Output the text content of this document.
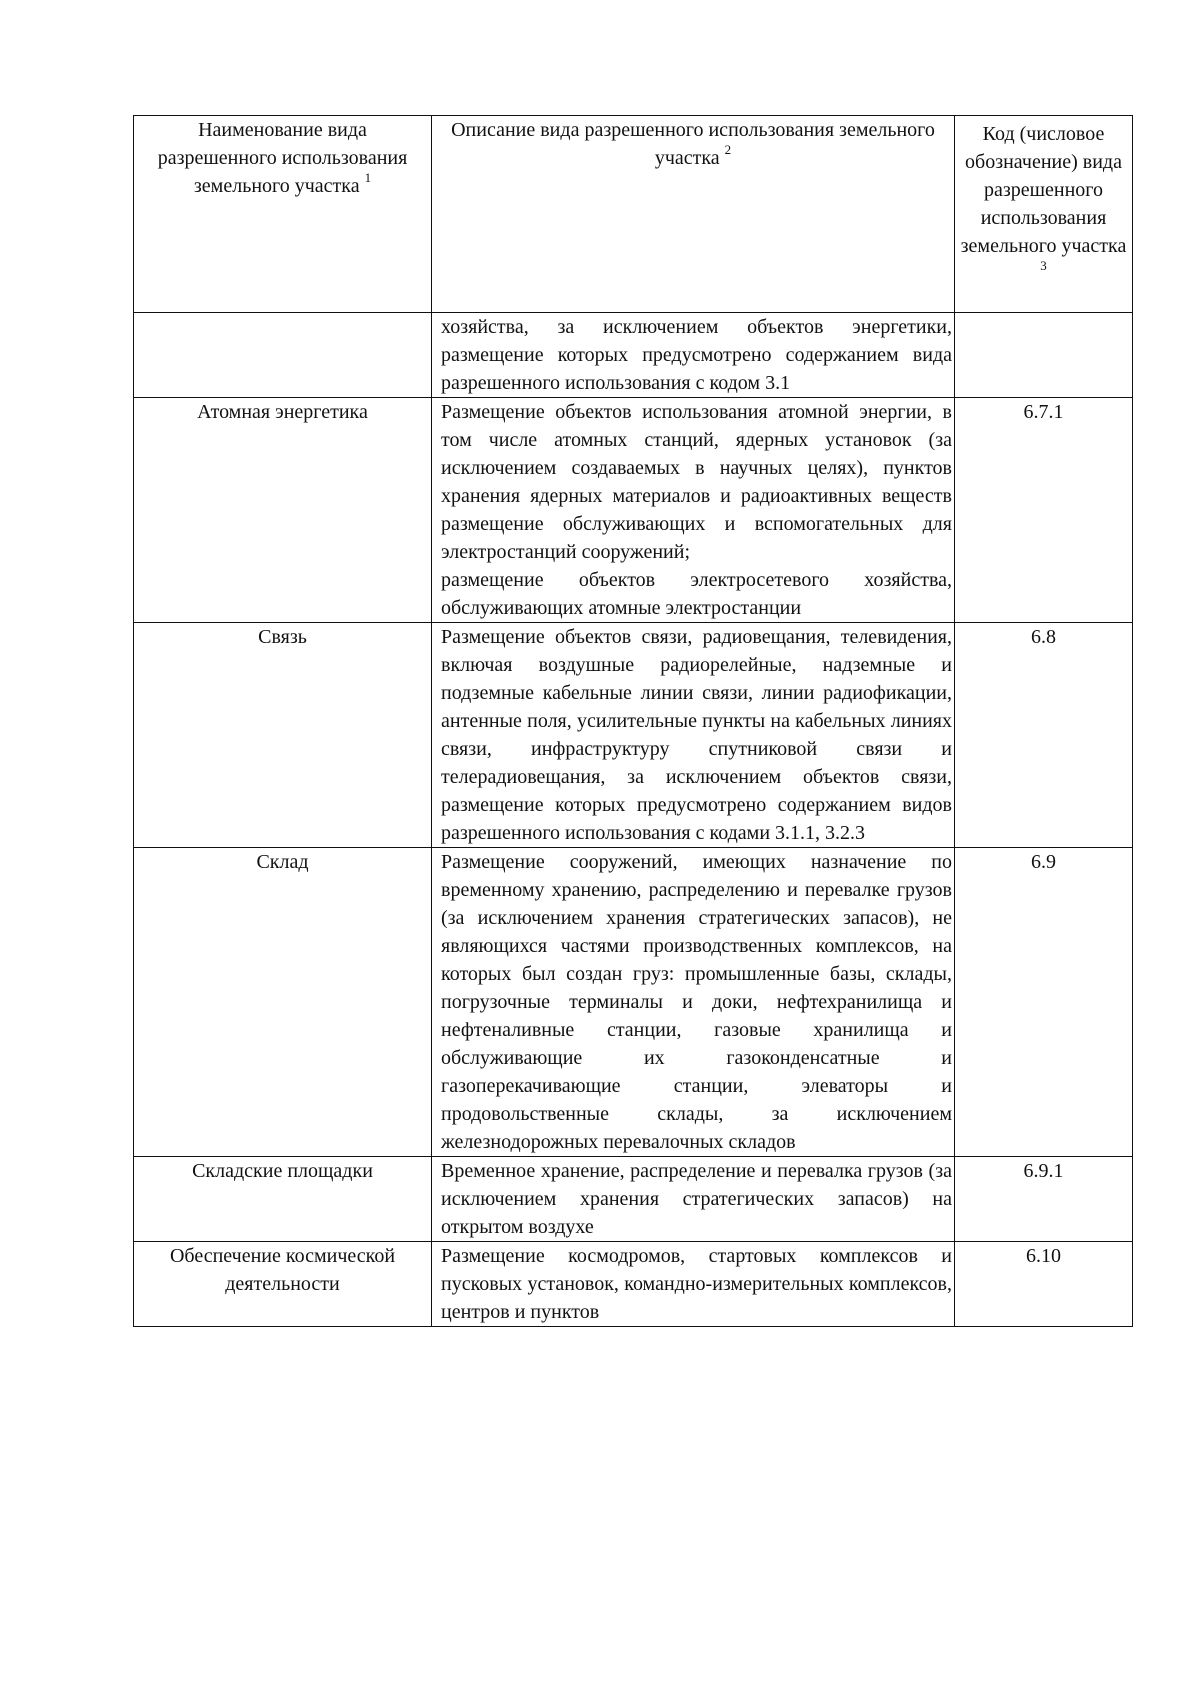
Наименование вида разрешенного использования земельного участка $^1$	Описание вида разрешенного использования земельного участка $^2$	Код (числовое обозначение) вида разрешенного использования земельного участка $^3$

	хозяйства, за исключением объектов энергетики, размещение которых предусмотрено содержанием вида разрешенного использования с кодом 3.1	

Атомная энергетика	Размещение объектов использования атомной энергии, в том числе атомных станций, ядерных установок (за исключением создаваемых в научных целях), пунктов хранения ядерных материалов и радиоактивных веществ размещение обслуживающих и вспомогательных для электростанций сооружений;
размещение объектов электросетевого хозяйства, обслуживающих атомные электростанции	6.7.1

Связь	Размещение объектов связи, радиовещания, телевидения, включая воздушные радиорелейные, надземные и подземные кабельные линии связи, линии радиофикации, антенные поля, усилительные пункты на кабельных линиях связи, инфраструктуру спутниковой связи и телерадиовещания, за исключением объектов связи, размещение которых предусмотрено содержанием видов разрешенного использования с кодами 3.1.1, 3.2.3	6.8

Склад	Размещение сооружений, имеющих назначение по временному хранению, распределению и перевалке грузов (за исключением хранения стратегических запасов), не являющихся частями производственных комплексов, на которых был создан груз: промышленные базы, склады, погрузочные терминалы и доки, нефтехранилища и нефтеналивные станции, газовые хранилища и обслуживающие их газоконденсатные и газоперекачивающие станции, элеваторы и продовольственные склады, за исключением железнодорожных перевалочных складов	6.9

Складские площадки	Временное хранение, распределение и перевалка грузов (за исключением хранения стратегических запасов) на открытом воздухе	6.9.1

Обеспечение космической деятельности	Размещение космодромов, стартовых комплексов и пусковых установок, командно-измерительных комплексов, центров и пунктов	6.10
